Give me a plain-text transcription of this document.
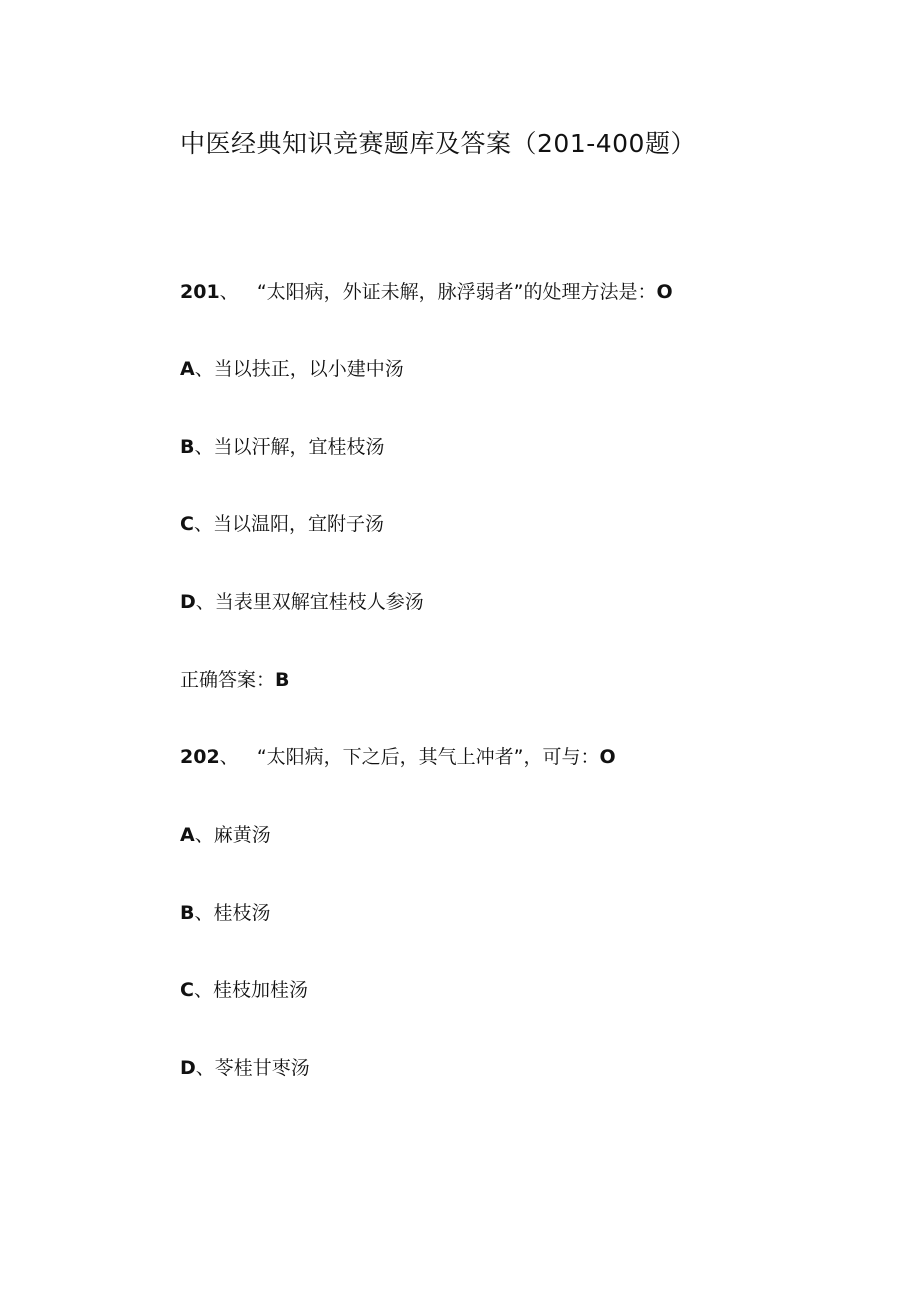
中医经典知识竞赛题库及答案（201-400题）
201、 “太阳病，外证未解，脉浮弱者”的处理方法是：O
A、当以扶正，以小建中汤
B、当以汗解，宜桂枝汤
C、当以温阳，宜附子汤
D、当表里双解宜桂枝人参汤
正确答案：B
202、 “太阳病，下之后，其气上冲者”，可与：O
A、麻黄汤
B、桂枝汤
C、桂枝加桂汤
D、苓桂甘枣汤
